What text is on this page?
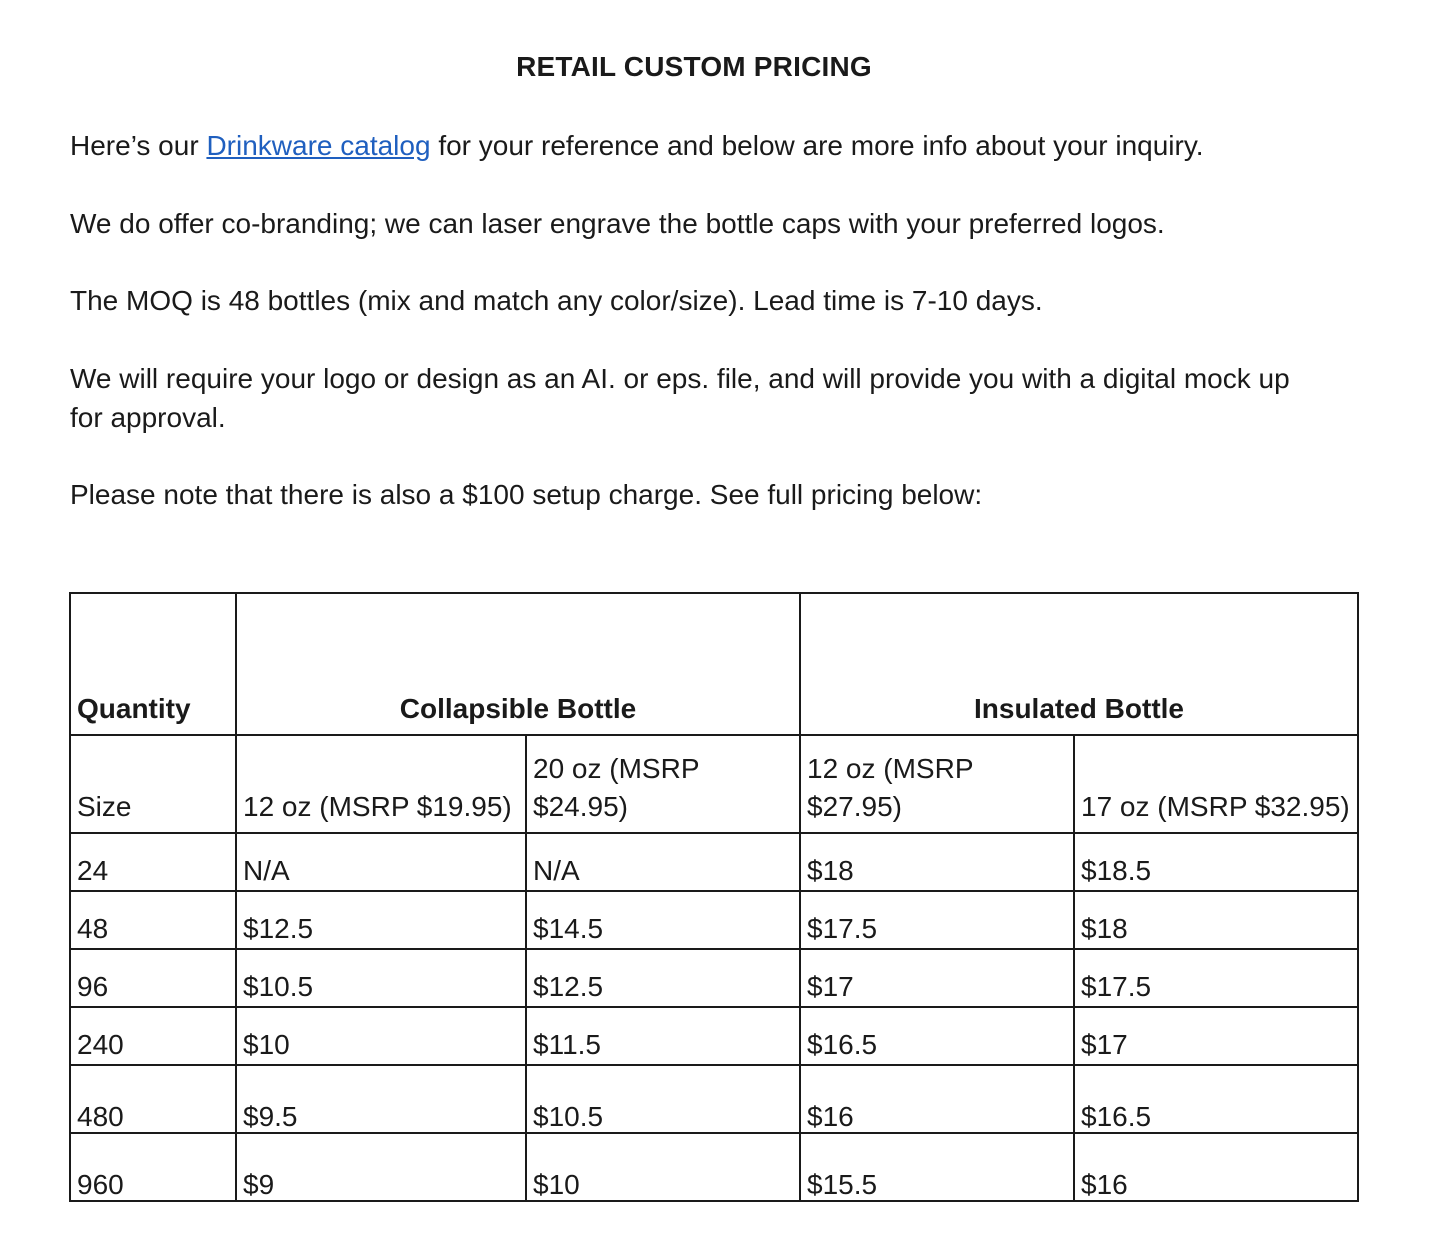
RETAIL CUSTOM PRICING

Here’s our Drinkware catalog for your reference and below are more info about your inquiry.

We do offer co-branding; we can laser engrave the bottle caps with your preferred logos.

The MOQ is 48 bottles (mix and match any color/size). Lead time is 7-10 days.

We will require your logo or design as an AI. or eps. file, and will provide you with a digital mock up for approval.

Please note that there is also a $100 setup charge. See full pricing below:

Quantity	Collapsible Bottle		Insulated Bottle	
Size	12 oz (MSRP $19.95)	20 oz (MSRP $24.95)	12 oz (MSRP $27.95)	17 oz (MSRP $32.95)
24	N/A	N/A	$18	$18.5
48	$12.5	$14.5	$17.5	$18
96	$10.5	$12.5	$17	$17.5
240	$10	$11.5	$16.5	$17
480	$9.5	$10.5	$16	$16.5
960	$9	$10	$15.5	$16
